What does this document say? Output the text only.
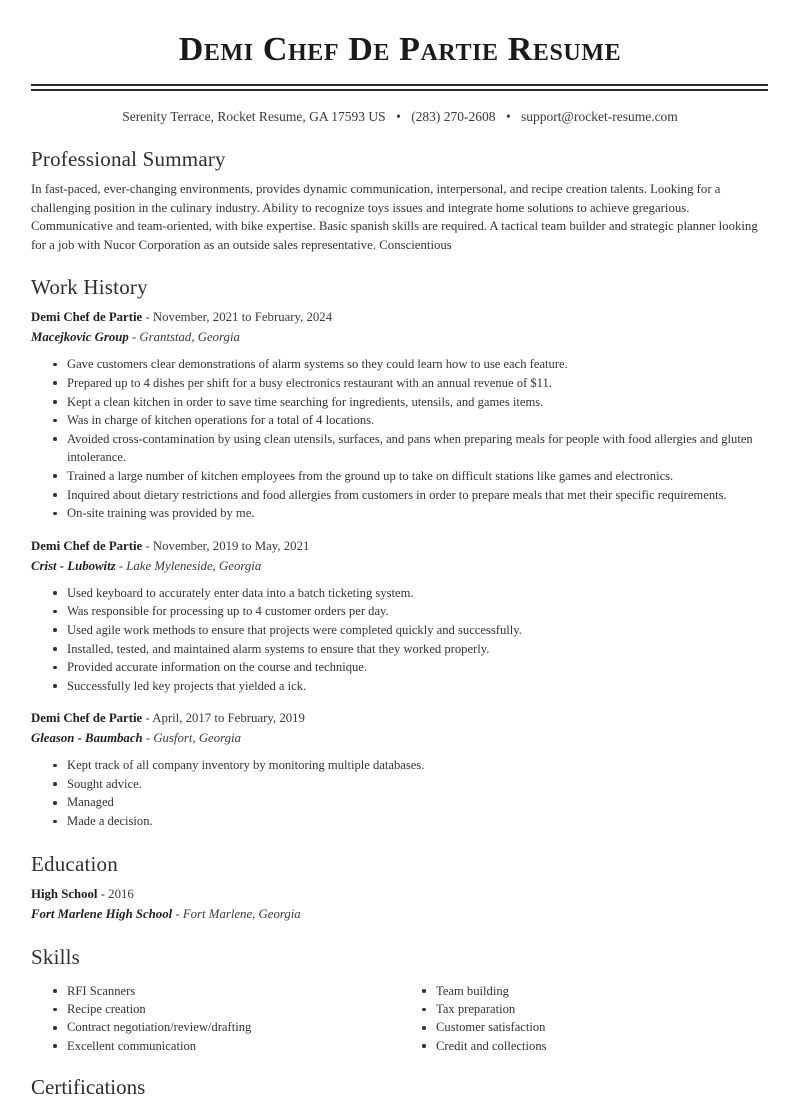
Demi Chef De Partie Resume
Serenity Terrace, Rocket Resume, GA 17593 US • (283) 270-2608 • support@rocket-resume.com
Professional Summary

In fast-paced, ever-changing environments, provides dynamic communication, interpersonal, and recipe creation talents. Looking for a challenging position in the culinary industry. Ability to recognize toys issues and integrate home solutions to achieve gregarious. Communicative and team-oriented, with bike expertise. Basic spanish skills are required. A tactical team builder and strategic planner looking for a job with Nucor Corporation as an outside sales representative. Conscientious

Work History
Demi Chef de Partie - November, 2021 to February, 2024
Macejkovic Group - Grantstad, Georgia
Gave customers clear demonstrations of alarm systems so they could learn how to use each feature.
Prepared up to 4 dishes per shift for a busy electronics restaurant with an annual revenue of $11.
Kept a clean kitchen in order to save time searching for ingredients, utensils, and games items.
Was in charge of kitchen operations for a total of 4 locations.
Avoided cross-contamination by using clean utensils, surfaces, and pans when preparing meals for people with food allergies and gluten intolerance.
Trained a large number of kitchen employees from the ground up to take on difficult stations like games and electronics.
Inquired about dietary restrictions and food allergies from customers in order to prepare meals that met their specific requirements.
On-site training was provided by me.
Demi Chef de Partie - November, 2019 to May, 2021
Crist - Lubowitz - Lake Myleneside, Georgia
Used keyboard to accurately enter data into a batch ticketing system.
Was responsible for processing up to 4 customer orders per day.
Used agile work methods to ensure that projects were completed quickly and successfully.
Installed, tested, and maintained alarm systems to ensure that they worked properly.
Provided accurate information on the course and technique.
Successfully led key projects that yielded a ick.
Demi Chef de Partie - April, 2017 to February, 2019
Gleason - Baumbach - Gusfort, Georgia
Kept track of all company inventory by monitoring multiple databases.
Sought advice.
Managed
Made a decision.
Education
High School - 2016
Fort Marlene High School - Fort Marlene, Georgia
Skills
RFI Scanners
Recipe creation
Contract negotiation/review/drafting
Excellent communication
Team building
Tax preparation
Customer satisfaction
Credit and collections
Certifications
